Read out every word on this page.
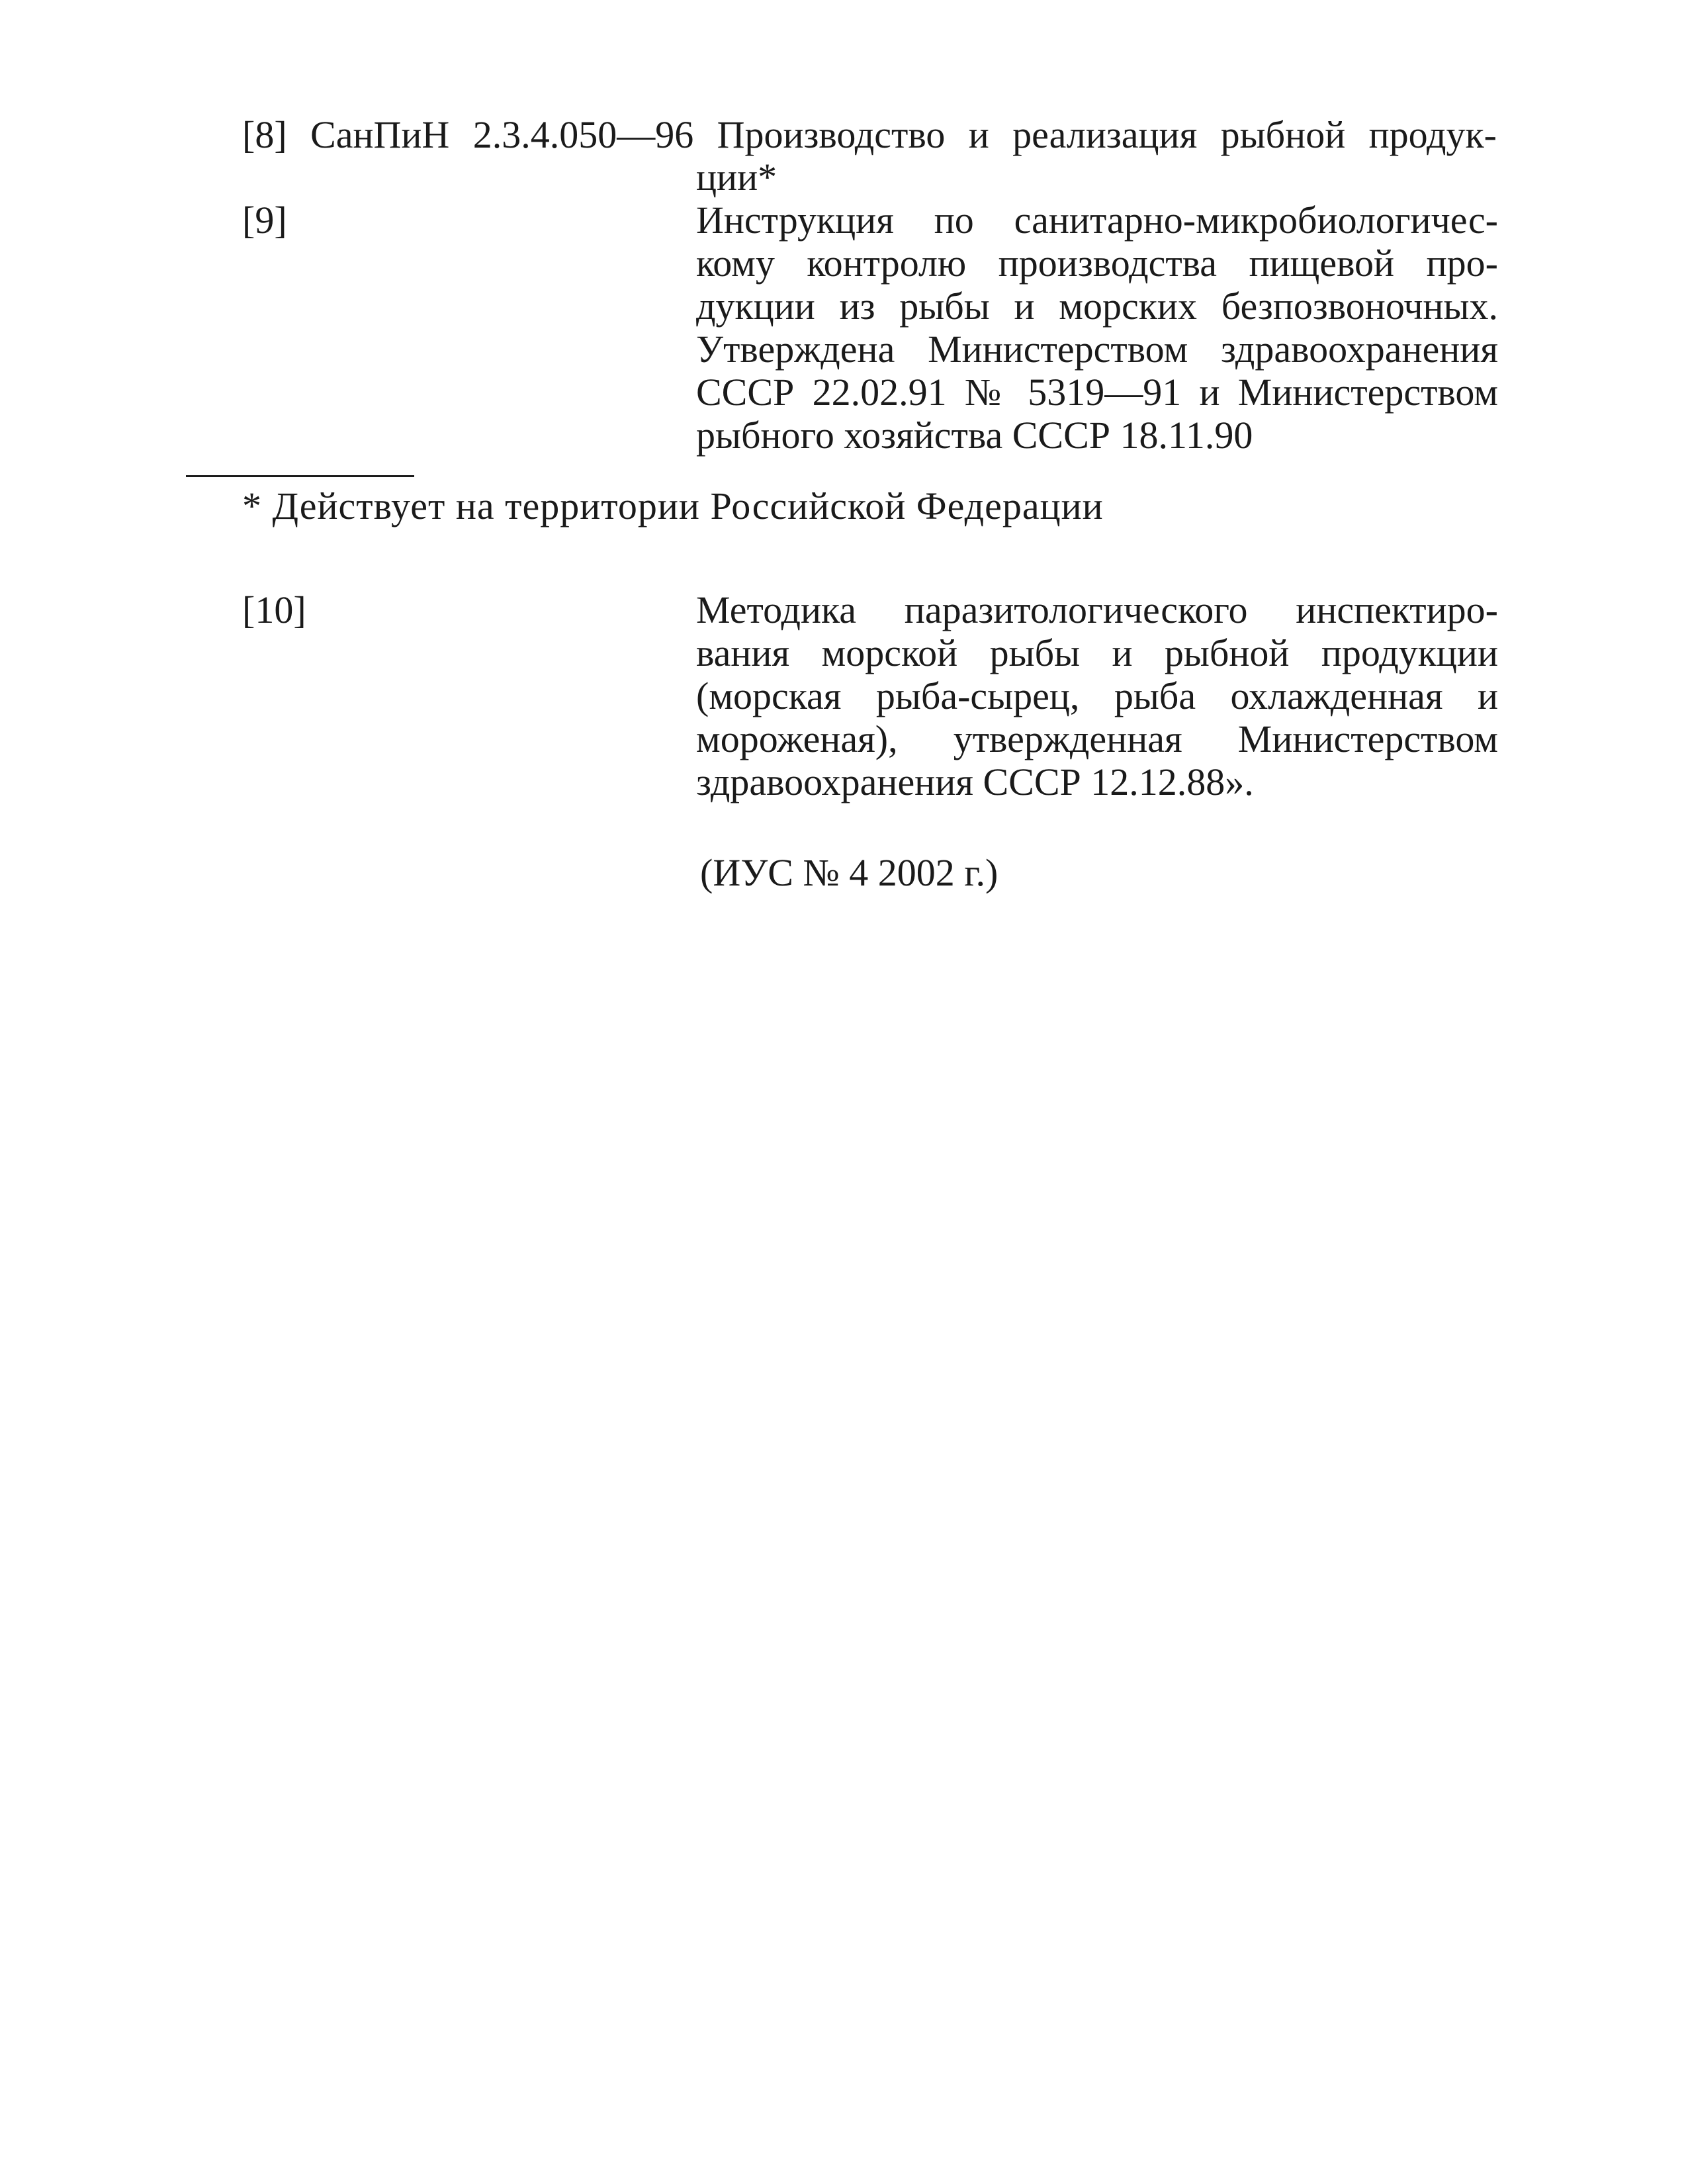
[8] СанПиН 2.3.4.050—96 Производство и реализация рыбной продук-
ции*
[9]	Инструкция по санитарно-микробиологичес-
кому контролю производства пищевой про-
дукции из рыбы и морских безпозвоночных.
Утверждена Министерством здравоохранения
СССР 22.02.91 № 5319—91 и Министерством
рыбного хозяйства СССР 18.11.90
* Действует на территории Российской Федерации
[10]	Методика паразитологического инспектиро-
вания морской рыбы и рыбной продукции
(морская рыба-сырец, рыба охлажденная и
мороженая), утвержденная Министерством
здравоохранения СССР 12.12.88».
(ИУС № 4 2002 г.)
